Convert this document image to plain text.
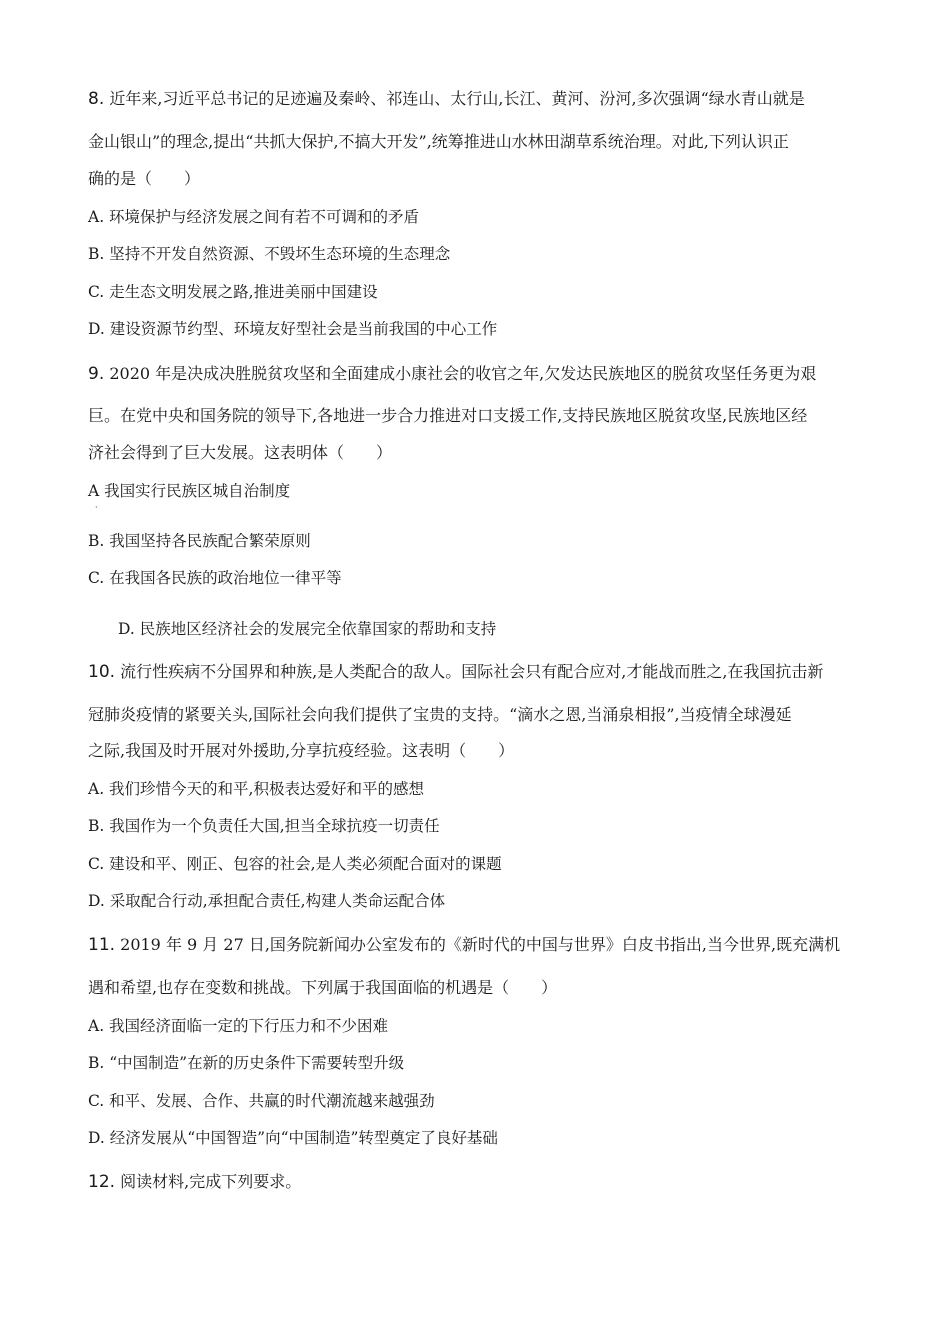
8. 近年来,习近平总书记的足迹遍及秦岭、祁连山、太行山,长江、黄河、汾河,多次强调“绿水青山就是
金山银山”的理念,提出“共抓大保护,不搞大开发”,统筹推进山水林田湖草系统治理。对此,下列认识正
确的是（　　）
A. 环境保护与经济发展之间有若不可调和的矛盾
B. 坚持不开发自然资源、不毁坏生态环境的生态理念
C. 走生态文明发展之路,推进美丽中国建设
D. 建设资源节约型、环境友好型社会是当前我国的中心工作
9. 2020 年是决成决胜脱贫攻坚和全面建成小康社会的收官之年,欠发达民族地区的脱贫攻坚任务更为艰
巨。在党中央和国务院的领导下,各地进一步合力推进对口支援工作,支持民族地区脱贫攻坚,民族地区经
济社会得到了巨大发展。这表明体（　　）
A 我国实行民族区城自治制度
·
B. 我国坚持各民族配合繁荣原则
C. 在我国各民族的政治地位一律平等
D. 民族地区经济社会的发展完全依靠国家的帮助和支持
10. 流行性疾病不分国界和种族,是人类配合的敌人。国际社会只有配合应对,才能战而胜之,在我国抗击新
冠肺炎疫情的紧要关头,国际社会向我们提供了宝贵的支持。“滴水之恩,当涌泉相报”,当疫情全球漫延
之际,我国及时开展对外援助,分享抗疫经验。这表明（　　）
A. 我们珍惜今天的和平,积极表达爱好和平的感想
B. 我国作为一个负责任大国,担当全球抗疫一切责任
C. 建设和平、刚正、包容的社会,是人类必须配合面对的课题
D. 采取配合行动,承担配合责任,构建人类命运配合体
11. 2019 年 9 月 27 日,国务院新闻办公室发布的《新时代的中国与世界》白皮书指出,当今世界,既充满机
遇和希望,也存在变数和挑战。下列属于我国面临的机遇是（　　）
A. 我国经济面临一定的下行压力和不少困难
B. “中国制造”在新的历史条件下需要转型升级
C. 和平、发展、合作、共赢的时代潮流越来越强劲
D. 经济发展从“中国智造”向“中国制造”转型奠定了良好基础
12. 阅读材料,完成下列要求。
